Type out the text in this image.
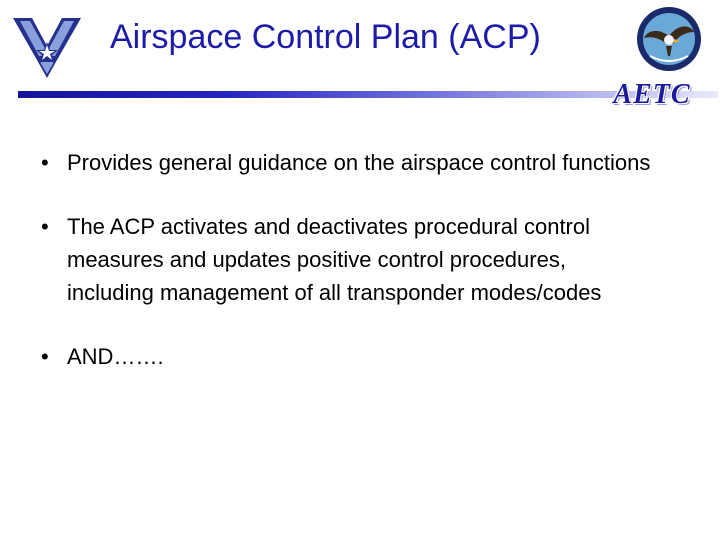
Airspace Control Plan (ACP)
AETC
• Provides general guidance on the airspace control functions
• The ACP activates and deactivates procedural control measures and updates positive control procedures, including management of all transponder modes/codes
• AND…….
